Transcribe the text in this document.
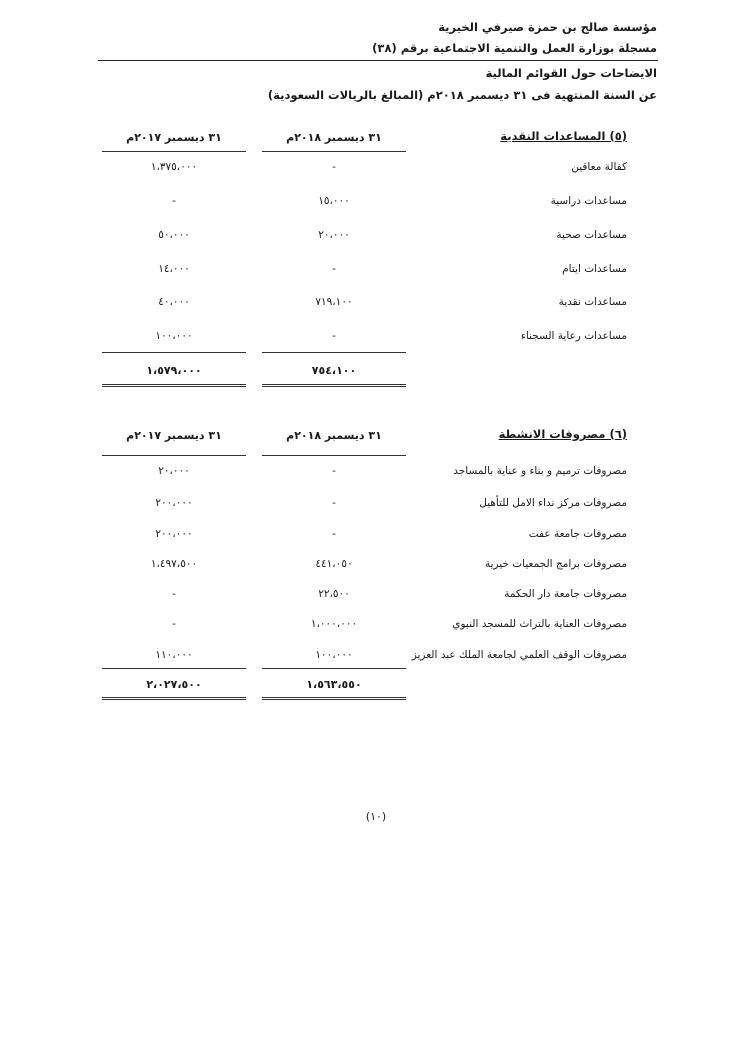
مؤسسة صالح بن حمزة صيرفي الخيرية
مسجلة بوزارة العمل والتنمية الاجتماعية برقم (٣٨)
الايضاحات حول القوائم المالية
عن السنة المنتهية فى ٣١ ديسمبر ٢٠١٨م (المبالغ بالريالات السعودية)
(٥) المساعدات النقدية
٣١ ديسمبر ٢٠١٨م
٣١ ديسمبر ٢٠١٧م
كفالة معاقين
-
١،٣٧٥،٠٠٠
مساعدات دراسية
١٥،٠٠٠
-
مساعدات صحية
٢٠،٠٠٠
٥٠،٠٠٠
مساعدات ايتام
-
١٤،٠٠٠
مساعدات نقدية
٧١٩،١٠٠
٤٠،٠٠٠
مساعدات رعاية السجناء
-
١٠٠،٠٠٠
٧٥٤،١٠٠
١،٥٧٩،٠٠٠
(٦) مصروفات الانشطة
٣١ ديسمبر ٢٠١٨م
٣١ ديسمبر ٢٠١٧م
مصروفات ترميم و بناء و عناية بالمساجد
-
٢٠،٠٠٠
مصروفات مركز نداء الامل للتأهيل
-
٢٠٠،٠٠٠
مصروفات جامعة عفت
-
٢٠٠،٠٠٠
مصروفات برامج الجمعيات خيرية
٤٤١،٠٥٠
١،٤٩٧،٥٠٠
مصروفات جامعة دار الحكمة
٢٢،٥٠٠
-
مصروفات العناية بالتراث للمسجد النبوي
١،٠٠٠،٠٠٠
-
مصروفات الوقف العلمي لجامعة الملك عبد العزيز
١٠٠،٠٠٠
١١٠،٠٠٠
١،٥٦٣،٥٥٠
٢،٠٢٧،٥٠٠
(١٠)
